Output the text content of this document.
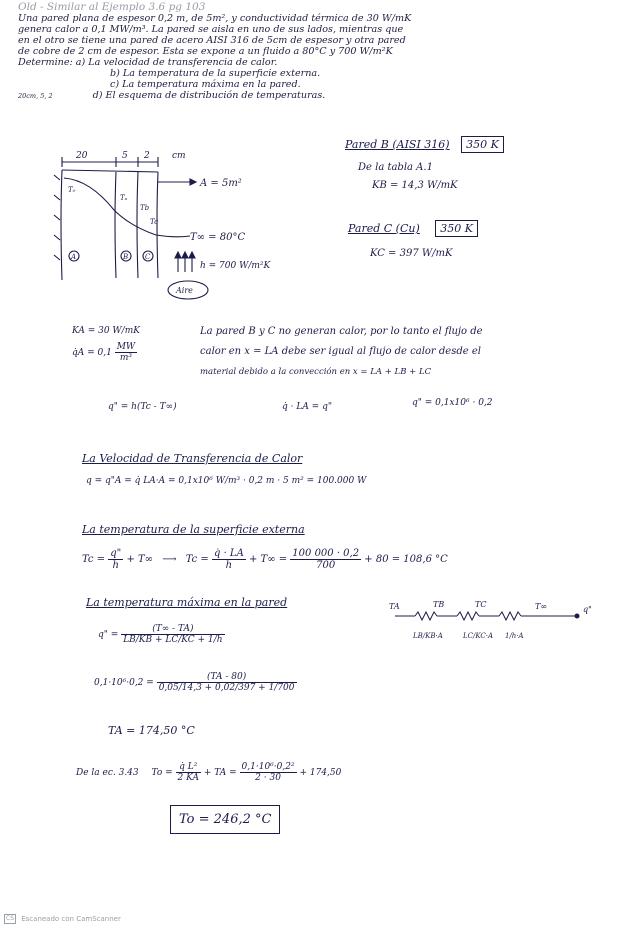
Old - Similar al Ejemplo 3.6 pg 103
Una pared plana de espesor 0,2 m, de 5m², y conductividad térmica de 30 W/mK
genera calor a 0,1 MW/m³. La pared se aisla en uno de sus lados, mientras que
en el otro se tiene una pared de acero AISI 316 de 5cm de espesor y otra pared
de cobre de 2 cm de espesor. Esta se expone a un fluido a 80°C y 700 W/m²K
Determine: a) La velocidad de transferencia de calor.
b) La temperatura de la superficie externa.
c) La temperatura máxima en la pared.
20cm, 5, 2	d) El esquema de distribución de temperaturas.
20	5 2 cm
A = 5m²
T∞ = 80°C
h = 700 W/m²K
Aire
A	B C
T₀
Tₐ
Tb
Tc
Pared B (AISI 316) 350 K
De la tabla A.1
KB = 14,3 W/mK
Pared C (Cu) 350 K
KC = 397 W/mK
KA = 30 W/mK
q̇A = $0,1 \frac{MW}{\text{m³}}$
La pared B y C no generan calor, por lo tanto el flujo de
calor en x = LA debe ser igual al flujo de calor desde el
material debido a la convección en x = LA + LB + LC
q" = h(Tc - T∞)	q̇ · LA = q"	q" = 0,1x10⁶ · 0,2
La Velocidad de Transferencia de Calor
q = q"A = q̇ LA·A = 0,1x10⁶ W/m³ · 0,2 m · 5 m² = 100.000 W
La temperatura de la superficie externa
$Tc = \frac{q"}{h} + T\infty$ ⟶ $Tc = \frac{q̇ \cdot LA}{h} + T\infty = \frac{100 000 \cdot 0,2}{700} + 80 = 108,6$ °C
La temperatura máxima en la pared
q" = $\frac{(T\infty - TA)}{LB/KB + LC/KC + 1/h}$
TA	TB	TC	T∞	q"
LB/KB·A	LC/KC·A 1/h·A
$0,1\cdot 10^6\cdot 0,2 = \frac{(TA - 80)}{0,05/14,3 + 0,02/397 + 1/700}$
TA = 174,50 °C
De la ec. 3.43 $To = \frac{\text{q̇ L²}}{2 KA}$ + TA = $\frac{\text{0,1·10⁶·0,2²}}{2 \cdot 30} + 174,50$
To = 246,2 °C
CS Escaneado con CamScanner
